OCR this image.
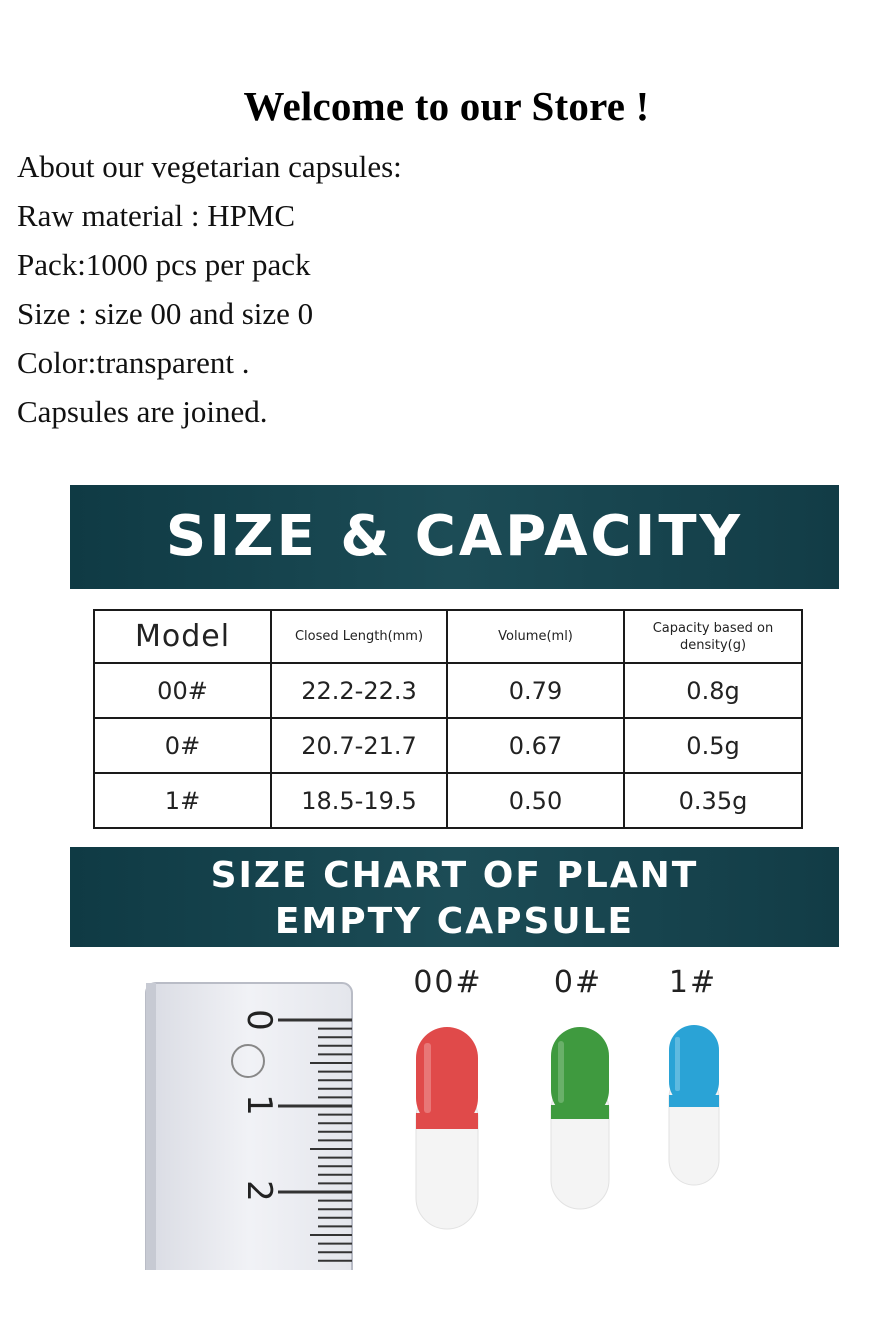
Welcome to our Store !
About our vegetarian capsules:
Raw material : HPMC
Pack:1000 pcs per pack
Size : size 00 and size 0
Color:transparent .
Capsules are joined.
SIZE & CAPACITY
Model	Closed Length(mm)	Volume(ml)	Capacity based on density(g)
00#	22.2-22.3	0.79	0.8g
0#	20.7-21.7	0.67	0.5g
1#	18.5-19.5	0.50	0.35g
SIZE CHART OF PLANT
EMPTY CAPSULE
0
1
2
00#	0#	1#
